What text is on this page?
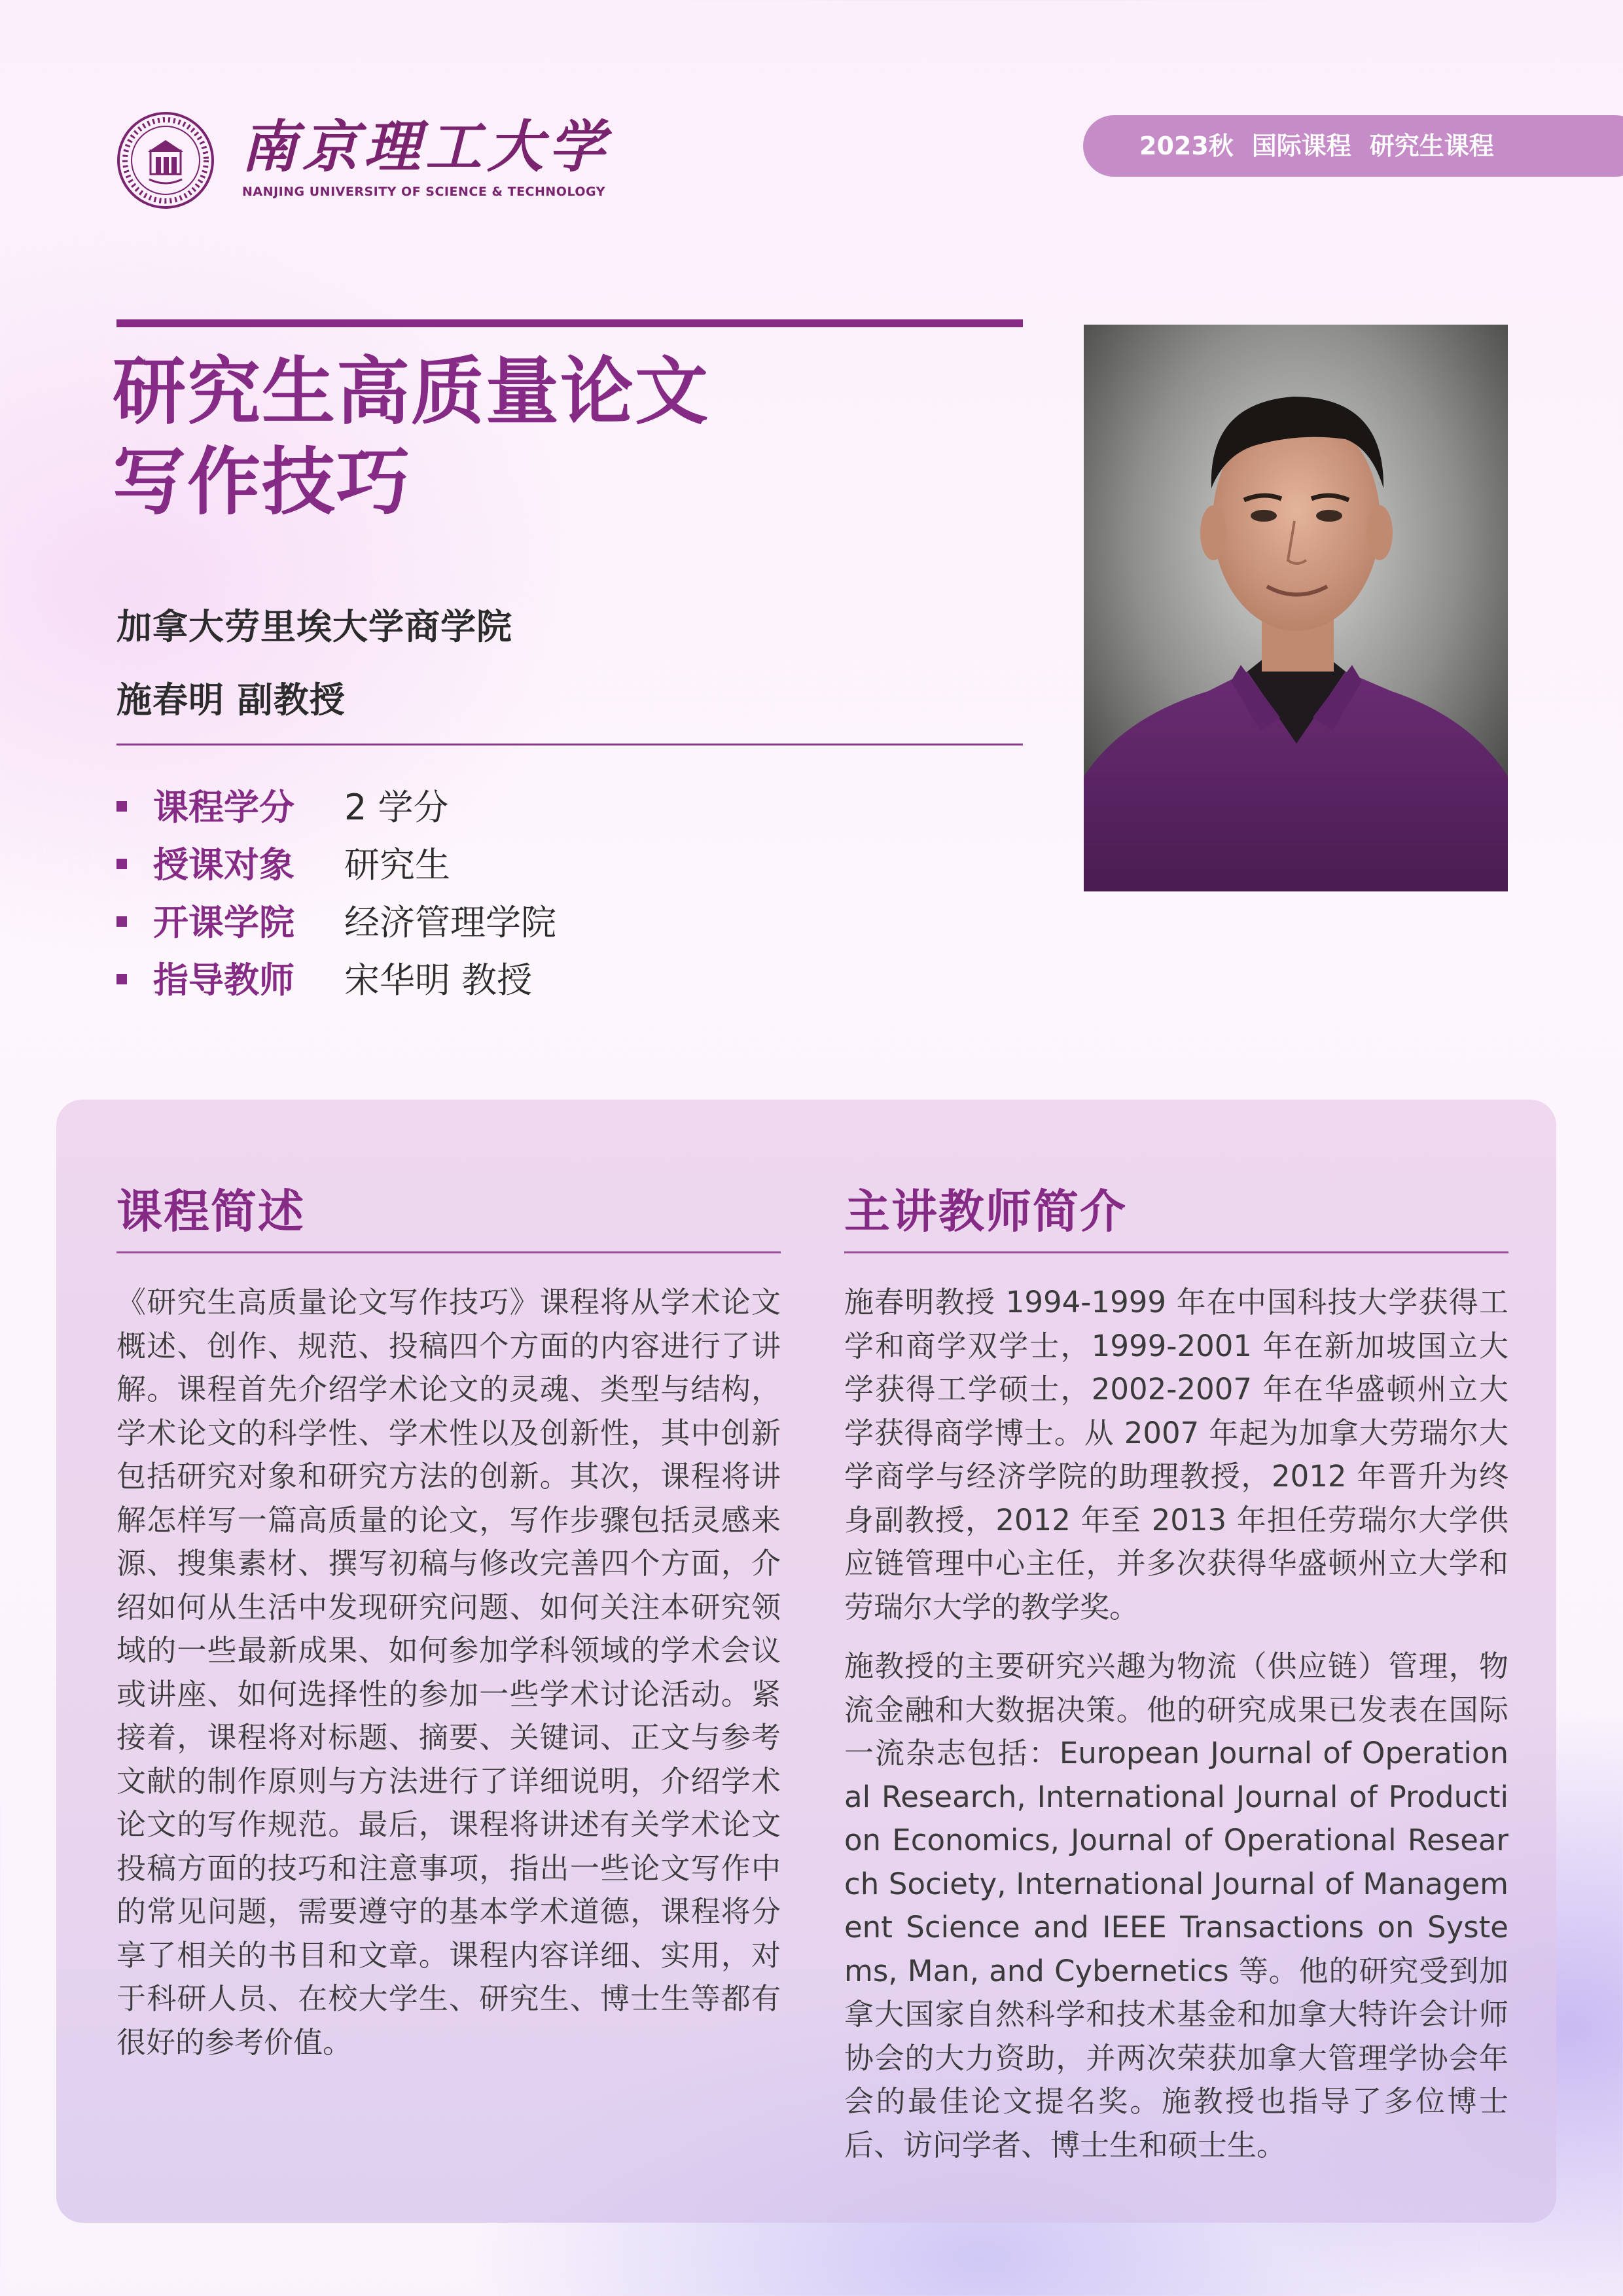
南京理工大学
NANJING UNIVERSITY OF SCIENCE & TECHNOLOGY
2023秋 国际课程 研究生课程
研究生高质量论文
写作技巧
加拿大劳里埃大学商学院
施春明 副教授
课程学分 2 学分
授课对象 研究生
开课学院 经济管理学院
指导教师 宋华明 教授
课程简述

《研究生高质量论文写作技巧》课程将从学术论文概述、创作、规范、投稿四个方面的内容进行了讲解。课程首先介绍学术论文的灵魂、类型与结构，学术论文的科学性、学术性以及创新性，其中创新包括研究对象和研究方法的创新。其次，课程将讲解怎样写一篇高质量的论文，写作步骤包括灵感来源、搜集素材、撰写初稿与修改完善四个方面，介绍如何从生活中发现研究问题、如何关注本研究领域的一些最新成果、如何参加学科领域的学术会议或讲座、如何选择性的参加一些学术讨论活动。紧接着，课程将对标题、摘要、关键词、正文与参考文献的制作原则与方法进行了详细说明，介绍学术论文的写作规范。最后，课程将讲述有关学术论文投稿方面的技巧和注意事项，指出一些论文写作中的常见问题，需要遵守的基本学术道德，课程将分享了相关的书目和文章。课程内容详细、实用，对于科研人员、在校大学生、研究生、博士生等都有很好的参考价值。

主讲教师简介

施春明教授 1994-1999 年在中国科技大学获得工学和商学双学士，1999-2001 年在新加坡国立大学获得工学硕士，2002-2007 年在华盛顿州立大学获得商学博士。从 2007 年起为加拿大劳瑞尔大学商学与经济学院的助理教授，2012 年晋升为终身副教授，2012 年至 2013 年担任劳瑞尔大学供应链管理中心主任，并多次获得华盛顿州立大学和劳瑞尔大学的教学奖。

施教授的主要研究兴趣为物流（供应链）管理，物流金融和大数据决策。他的研究成果已发表在国际一流杂志包括：European Journal of Operational Research, International Journal of Production Economics, Journal of Operational Research Society, International Journal of Management Science and IEEE Transactions on Systems, Man, and Cybernetics 等。他的研究受到加拿大国家自然科学和技术基金和加拿大特许会计师协会的大力资助，并两次荣获加拿大管理学协会年会的最佳论文提名奖。施教授也指导了多位博士后、访问学者、博士生和硕士生。
